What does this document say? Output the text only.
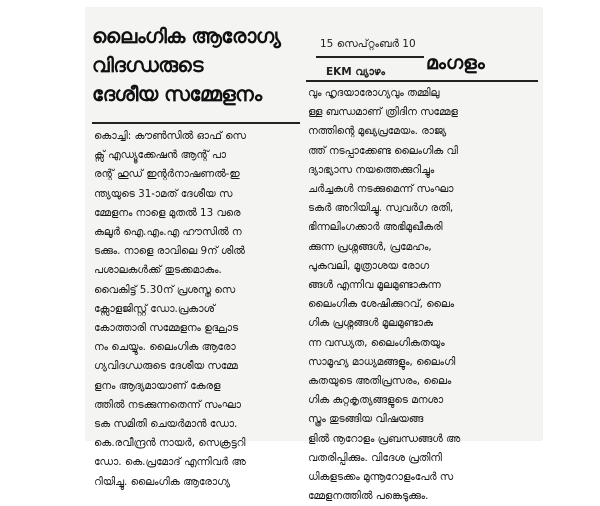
ലൈംഗിക ആരോഗ്യ
വിദഗ്ധരുടെ
ദേശീയ സമ്മേളനം
15 സെപ്റ്റംബർ 10
EKM വ്യാഴം മംഗളം
കൊച്ചി: കൗൺസിൽ ഓഫ് സെ
ക്സ് എഡ്യൂക്കേഷൻ ആന്റ് പാ
രന്റ് ഹുഡ് ഇന്റർനാഷണൽ-ഇ
ന്ത്യയുടെ 31-ാമത് ദേശീയ സ
മ്മേളനം നാളെ മുതൽ 13 വരെ
കലൂർ ഐ.എം.എ ഹൗസിൽ ന
ടക്കും. നാളെ രാവിലെ 9ന് ശിൽ
പശാലകൾക്ക് തുടക്കമാകും.
വൈകിട്ട് 5.30ന് പ്രശസ്ത സെ
ക്സോളജിസ്റ്റ് ഡോ.പ്രകാശ്
കോത്താരി സമ്മേളനം ഉദ്ഘാട
നം ചെയ്യും. ലൈംഗിക ആരോ
ഗ്യവിദഗ്ധരുടെ ദേശീയ സമ്മേ
ളനം ആദ്യമായാണ് കേരള
ത്തിൽ നടക്കുന്നതെന്ന് സംഘാ
ടക സമിതി ചെയർമാൻ ഡോ.
കെ.രവീന്ദ്രൻ നായർ, സെക്രട്ടറി
ഡോ. കെ.പ്രമോദ് എന്നിവർ അ
റിയിച്ചു. ലൈംഗിക ആരോഗ്യ
വും ഹൃദയാരോഗ്യവും തമ്മിലു
ള്ള ബന്ധമാണ് ത്രിദിന സമ്മേള
നത്തിന്റെ മുഖ്യപ്രമേയം. രാജ്യ
ത്ത് നടപ്പാക്കേണ്ട ലൈംഗിക വി
ദ്യാഭ്യാസ നയത്തെക്കുറിച്ചും
ചർച്ചകൾ നടക്കുമെന്ന് സംഘാ
ടകർ അറിയിച്ചു. സ്വവർഗ രതി,
ഭിന്നലിംഗക്കാർ അഭിമുഖീകരി
ക്കുന്ന പ്രശ്നങ്ങൾ, പ്രമേഹം,
പുകവലി, മൂത്രാശയ രോഗ
ങ്ങൾ എന്നിവ മൂലമുണ്ടാകുന്ന
ലൈംഗിക ശേഷിക്കുറവ്, ലൈം
ഗിക പ്രശ്നങ്ങൾ മൂലമുണ്ടാകു
ന്ന വന്ധ്യത, ലൈംഗികതയും
സാമൂഹ്യ മാധ്യമങ്ങളും, ലൈംഗി
കതയുടെ അതിപ്രസരം, ലൈം
ഗിക കുറ്റകൃത്യങ്ങളുടെ മനശാ
സ്ത്രം തുടങ്ങിയ വിഷയങ്ങ
ളിൽ നൂറോളം പ്രബന്ധങ്ങൾ അ
വതരിപ്പിക്കും. വിദേശ പ്രതിനി
ധികളടക്കം മുന്നൂറോളംപേർ സ
മ്മേളനത്തിൽ പങ്കെടുക്കും.
